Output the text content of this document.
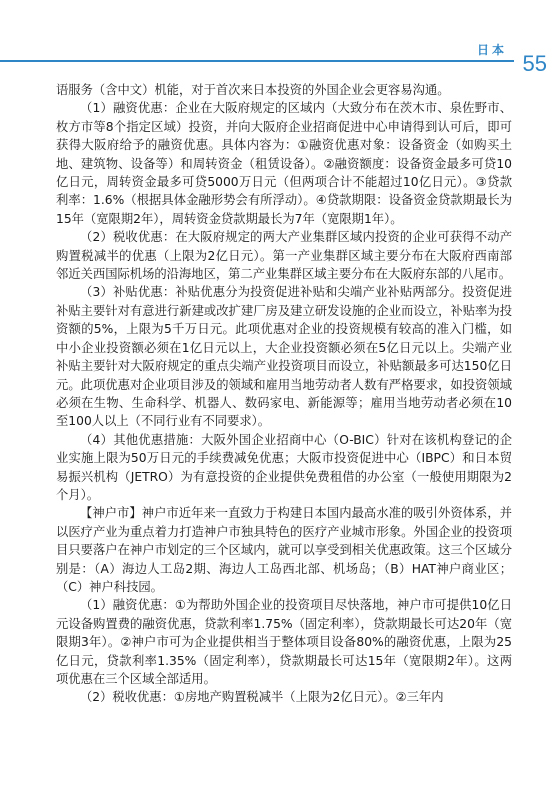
日本
55

语服务（含中文）机能，对于首次来日本投资的外国企业会更容易沟通。

（1）融资优惠：企业在大阪府规定的区域内（大致分布在茨木市、泉佐野市、枚方市等8个指定区域）投资，并向大阪府企业招商促进中心申请得到认可后，即可获得大阪府给予的融资优惠。具体内容为：①融资优惠对象：设备资金（如购买土地、建筑物、设备等）和周转资金（租赁设备）。②融资额度：设备资金最多可贷10亿日元，周转资金最多可贷5000万日元（但两项合计不能超过10亿日元）。③贷款利率：1.6%（根据具体金融形势会有所浮动）。④贷款期限：设备资金贷款期最长为15年（宽限期2年），周转资金贷款期最长为7年（宽限期1年）。

（2）税收优惠：在大阪府规定的两大产业集群区域内投资的企业可获得不动产购置税减半的优惠（上限为2亿日元）。第一产业集群区域主要分布在大阪府西南部邻近关西国际机场的沿海地区，第二产业集群区域主要分布在大阪府东部的八尾市。

（3）补贴优惠：补贴优惠分为投资促进补贴和尖端产业补贴两部分。投资促进补贴主要针对有意进行新建或改扩建厂房及建立研发设施的企业而设立，补贴率为投资额的5%，上限为5千万日元。此项优惠对企业的投资规模有较高的准入门槛，如中小企业投资额必须在1亿日元以上，大企业投资额必须在5亿日元以上。尖端产业补贴主要针对大阪府规定的重点尖端产业投资项目而设立，补贴额最多可达150亿日元。此项优惠对企业项目涉及的领域和雇用当地劳动者人数有严格要求，如投资领域必须在生物、生命科学、机器人、数码家电、新能源等；雇用当地劳动者必须在10至100人以上（不同行业有不同要求）。

（4）其他优惠措施：大阪外国企业招商中心（O-BIC）针对在该机构登记的企业实施上限为50万日元的手续费减免优惠；大阪市投资促进中心（IBPC）和日本贸易振兴机构（JETRO）为有意投资的企业提供免费租借的办公室（一般使用期限为2个月）。

【神户市】神户市近年来一直致力于构建日本国内最高水准的吸引外资体系，并以医疗产业为重点着力打造神户市独具特色的医疗产业城市形象。外国企业的投资项目只要落户在神户市划定的三个区域内，就可以享受到相关优惠政策。这三个区域分别是：（A）海边人工岛2期、海边人工岛西北部、机场岛；（B）HAT神户商业区；（C）神户科技园。

（1）融资优惠：①为帮助外国企业的投资项目尽快落地，神户市可提供10亿日元设备购置费的融资优惠，贷款利率1.75%（固定利率），贷款期最长可达20年（宽限期3年）。②神户市可为企业提供相当于整体项目设备80%的融资优惠，上限为25亿日元，贷款利率1.35%（固定利率），贷款期最长可达15年（宽限期2年）。这两项优惠在三个区域全部适用。

（2）税收优惠：①房地产购置税减半（上限为2亿日元）。②三年内
